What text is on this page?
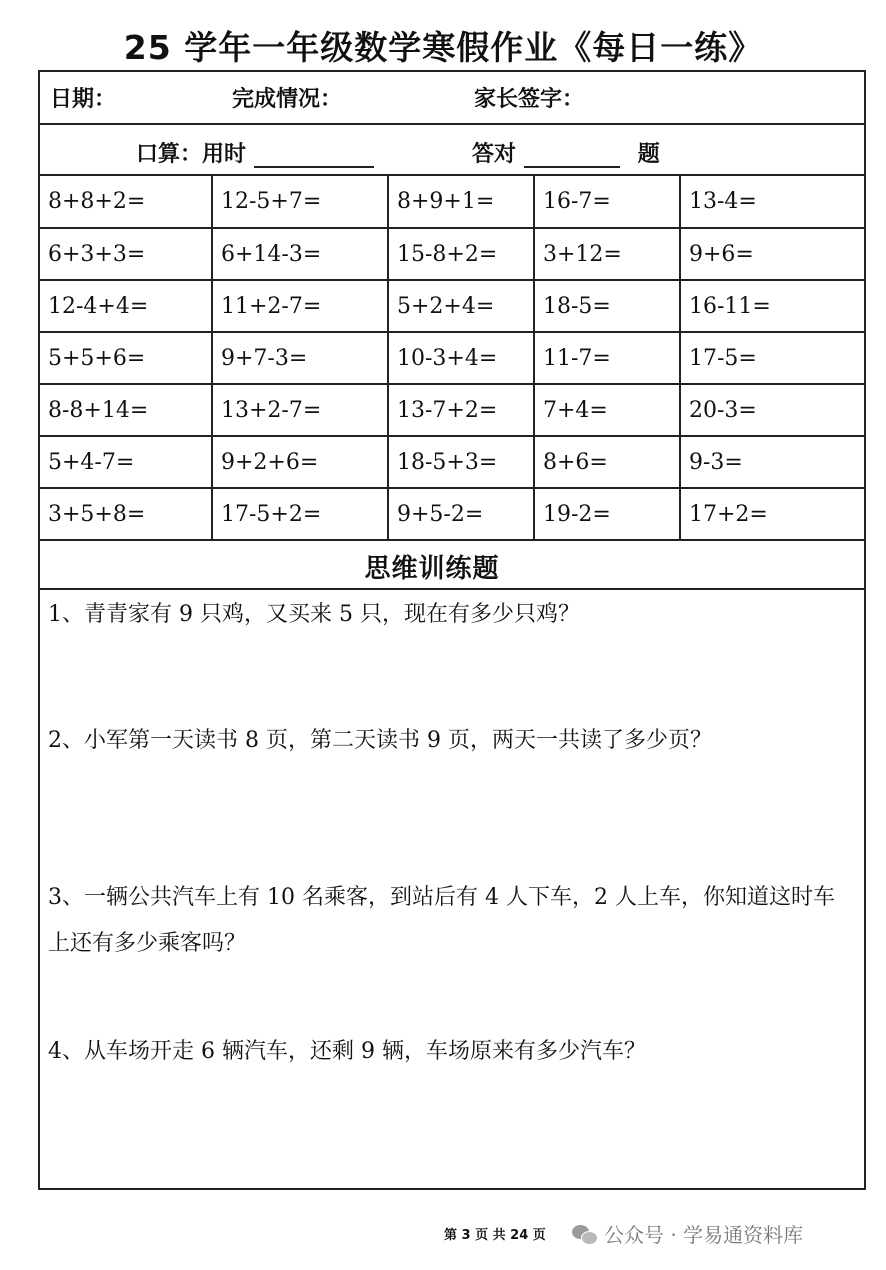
25 学年一年级数学寒假作业《每日一练》
日期：	完成情况：	家长签字：
口算：用时	答对	题
8+8+2=	12-5+7=	8+9+1=	16-7=	13-4=
6+3+3=	6+14-3=	15-8+2=	3+12=	9+6=
12-4+4=	11+2-7=	5+2+4=	18-5=	16-11=
5+5+6=	9+7-3=	10-3+4=	11-7=	17-5=
8-8+14=	13+2-7=	13-7+2=	7+4=	20-3=
5+4-7=	9+2+6=	18-5+3=	8+6=	9-3=
3+5+8=	17-5+2=	9+5-2=	19-2=	17+2=
思维训练题
1、青青家有 9 只鸡，又买来 5 只，现在有多少只鸡？
2、小军第一天读书 8 页，第二天读书 9 页，两天一共读了多少页？
3、一辆公共汽车上有 10 名乘客，到站后有 4 人下车，2 人上车，你知道这时车上还有多少乘客吗？
4、从车场开走 6 辆汽车，还剩 9 辆，车场原来有多少汽车？
第 3 页 共 24 页	公众号 · 学易通资料库
